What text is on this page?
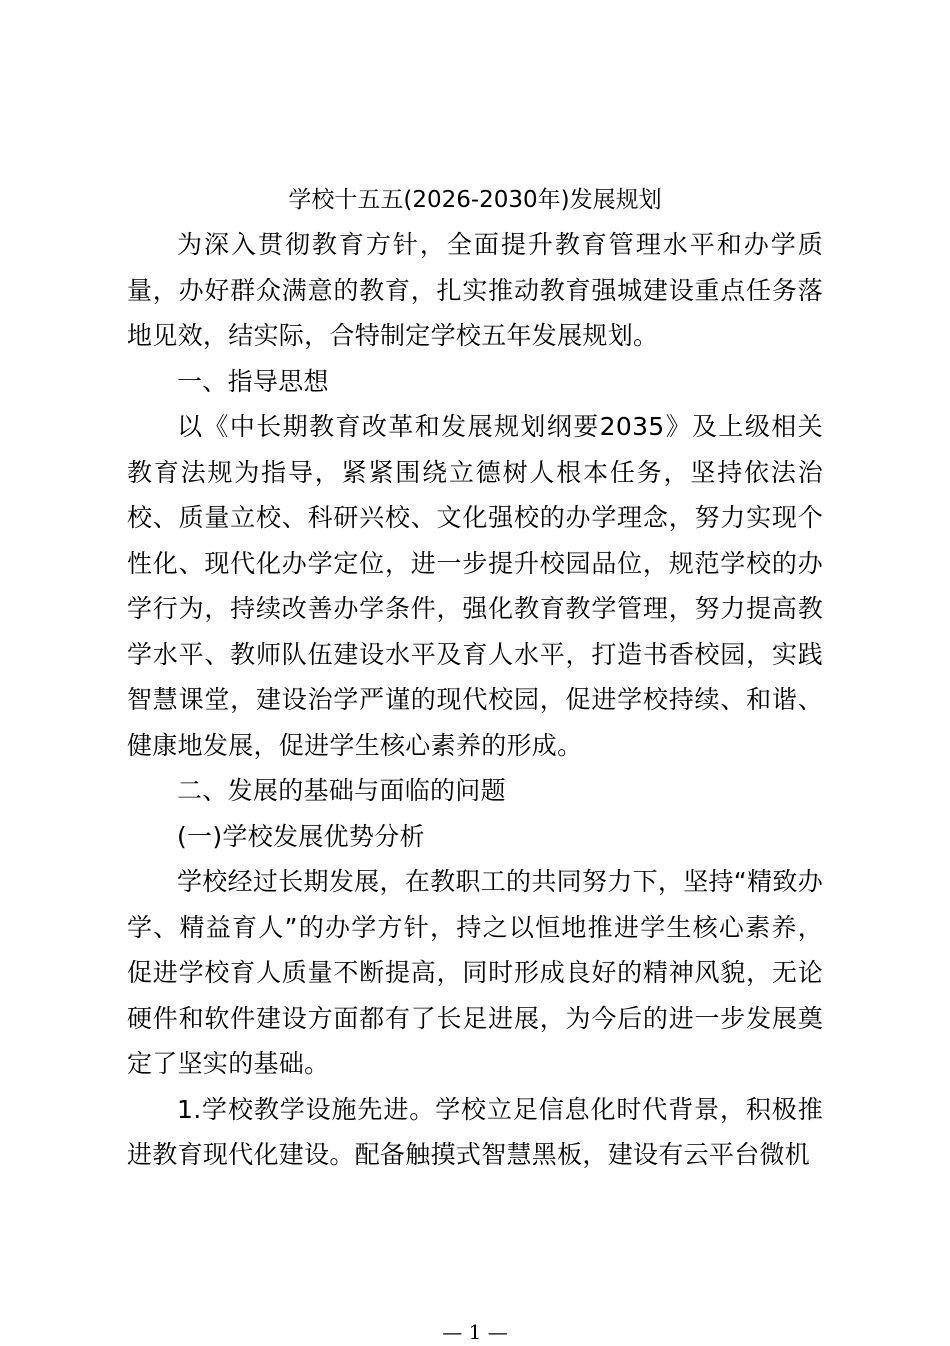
学校十五五(2026-2030年)发展规划

为深入贯彻教育方针，全面提升教育管理水平和办学质量，办好群众满意的教育，扎实推动教育强城建设重点任务落地见效，结实际，合特制定学校五年发展规划。

一、指导思想

以《中长期教育改革和发展规划纲要2035》及上级相关教育法规为指导，紧紧围绕立德树人根本任务，坚持依法治校、质量立校、科研兴校、文化强校的办学理念，努力实现个性化、现代化办学定位，进一步提升校园品位，规范学校的办学行为，持续改善办学条件，强化教育教学管理，努力提高教学水平、教师队伍建设水平及育人水平，打造书香校园，实践智慧课堂，建设治学严谨的现代校园，促进学校持续、和谐、健康地发展，促进学生核心素养的形成。

二、发展的基础与面临的问题

(一)学校发展优势分析

学校经过长期发展，在教职工的共同努力下，坚持“精致办学、精益育人”的办学方针，持之以恒地推进学生核心素养，促进学校育人质量不断提高，同时形成良好的精神风貌，无论硬件和软件建设方面都有了长足进展，为今后的进一步发展奠定了坚实的基础。

1.学校教学设施先进。学校立足信息化时代背景，积极推进教育现代化建设。配备触摸式智慧黑板，建设有云平台微机

— 1 —
